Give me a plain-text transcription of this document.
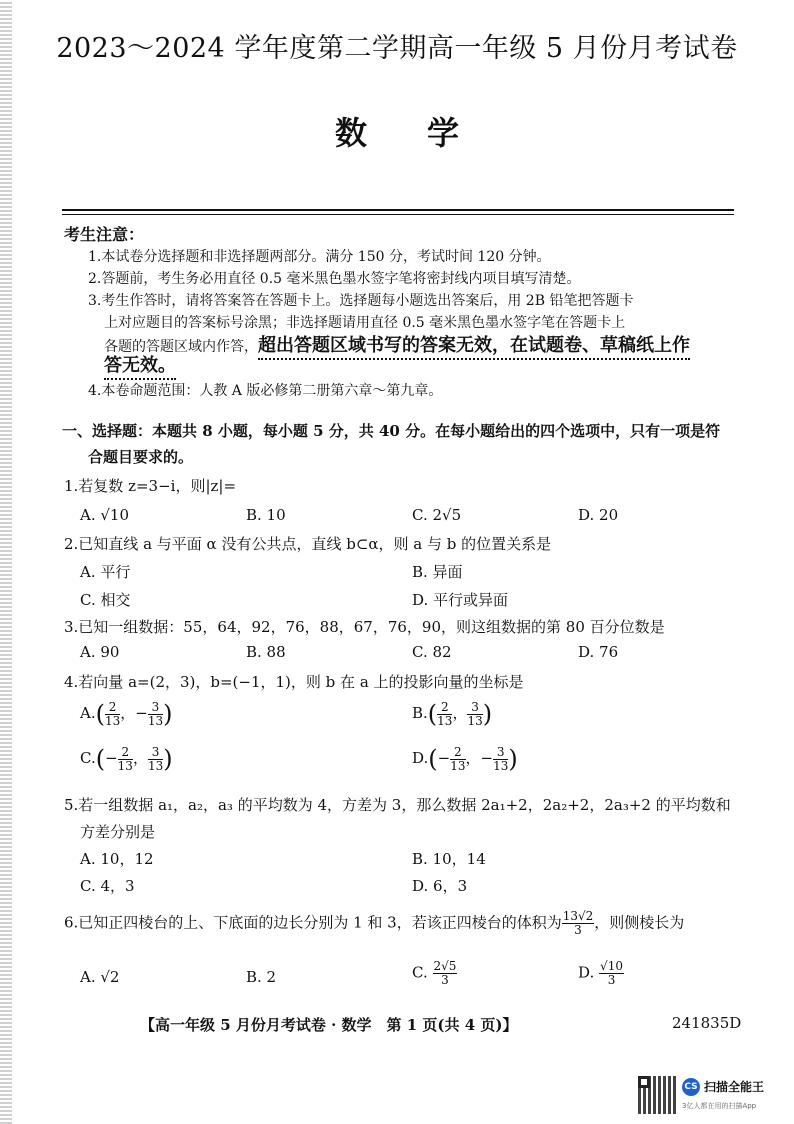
2023～2024 学年度第二学期高一年级 5 月份月考试卷
数学
考生注意：
1.本试卷分选择题和非选择题两部分。满分 150 分，考试时间 120 分钟。
2.答题前，考生务必用直径 0.5 毫米黑色墨水签字笔将密封线内项目填写清楚。
3.考生作答时，请将答案答在答题卡上。选择题每小题选出答案后，用 2B 铅笔把答题卡
上对应题目的答案标号涂黑；非选择题请用直径 0.5 毫米黑色墨水签字笔在答题卡上
各题的答题区域内作答，超出答题区域书写的答案无效，在试题卷、草稿纸上作
答无效。
4.本卷命题范围：人教 A 版必修第二册第六章～第九章。
一、选择题：本题共 8 小题，每小题 5 分，共 40 分。在每小题给出的四个选项中，只有一项是符
合题目要求的。
1.若复数 z=3−i，则|z|=
A. √10	B. 10	C. 2√5	D. 20
2.已知直线 a 与平面 α 没有公共点，直线 b⊂α，则 a 与 b 的位置关系是
A. 平行	B. 异面
C. 相交	D. 平行或异面
3.已知一组数据：55，64，92，76，88，67，76，90，则这组数据的第 80 百分位数是
A. 90	B. 88	C. 82	D. 76
4.若向量 a=(2，3)，b=(−1，1)，则 b 在 a 上的投影向量的坐标是
$A.( \frac{2}{13}$ ，− $\frac{3}{13}$ )	$B.( \frac{2}{13}$ ， $\frac{3}{13}$ )
$C.(- \frac{2}{13}$ ， $\frac{3}{13}$ )	$D.(- \frac{2}{13}$ ，− $\frac{3}{13}$ )
5.若一组数据 a₁，a₂，a₃ 的平均数为 4，方差为 3，那么数据 2a₁+2，2a₂+2，2a₃+2 的平均数和
方差分别是
A. 10，12	B. 10，14
C. 4，3	D. 6，3
6.已知正四棱台的上、下底面的边长分别为 1 和 3，若该正四棱台的体积为 $\frac{13√2}{3}$ ，则侧棱长为
A. √2	B. 2	C. $\frac{2√5}{3}$	D. $\frac{√10}{3}$
【高一年级 5 月份月考试卷 · 数学　第 1 页(共 4 页)】	241835D
CS 扫描全能王
3亿人都在用的扫描App
